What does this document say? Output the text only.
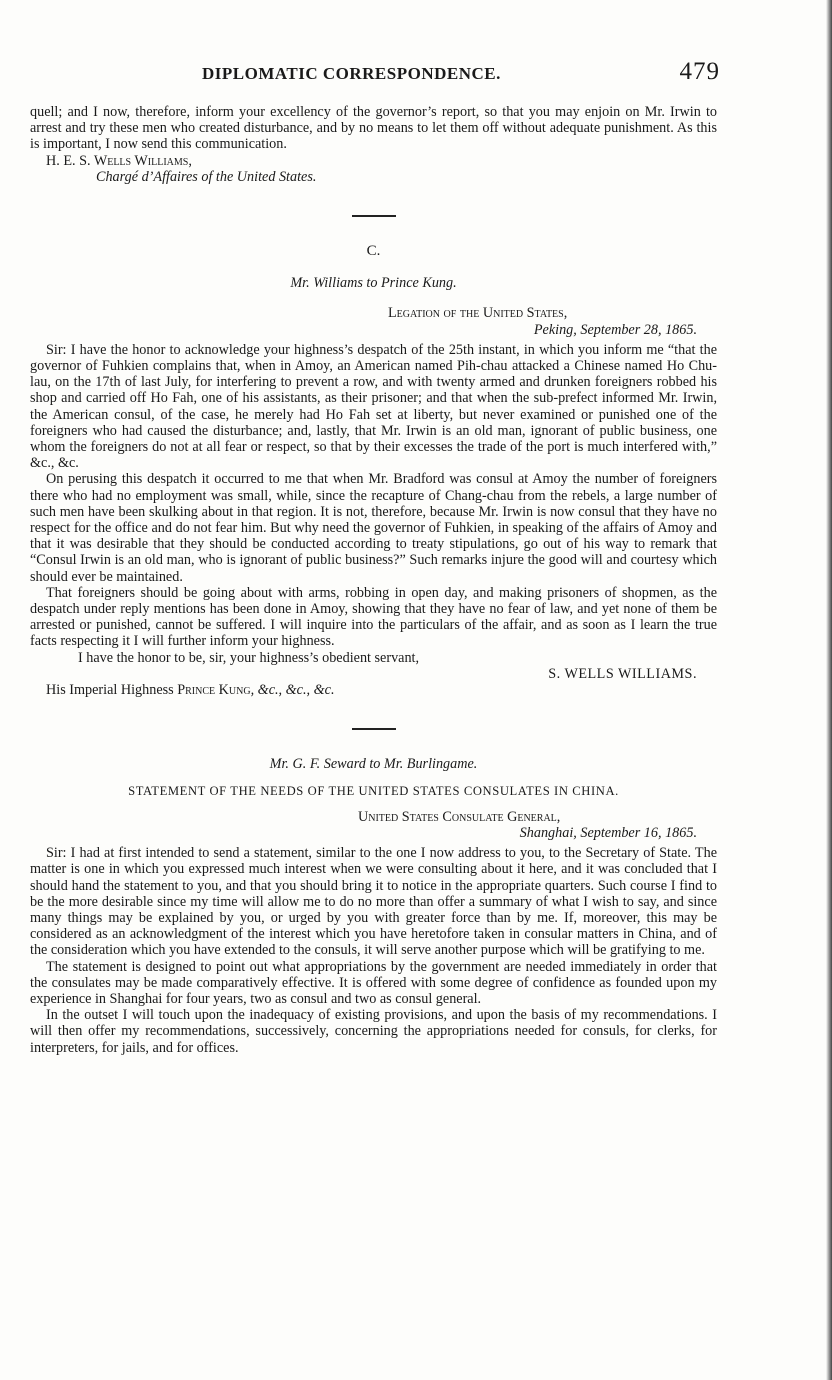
DIPLOMATIC CORRESPONDENCE.	479

quell; and I now, therefore, inform your excellency of the governor’s report, so that you may enjoin on Mr. Irwin to arrest and try these men who created disturbance, and by no means to let them off without adequate punishment. As this is important, I now send this communication.

H. E. S. Wells Williams,

Chargé d’Affaires of the United States.

C.

Mr. Williams to Prince Kung.

Legation of the United States,

Peking, September 28, 1865.

Sir: I have the honor to acknowledge your highness’s despatch of the 25th instant, in which you inform me “that the governor of Fuhkien complains that, when in Amoy, an American named Pih-chau attacked a Chinese named Ho Chu-lau, on the 17th of last July, for interfering to prevent a row, and with twenty armed and drunken foreigners robbed his shop and carried off Ho Fah, one of his assistants, as their prisoner; and that when the sub-prefect informed Mr. Irwin, the American consul, of the case, he merely had Ho Fah set at liberty, but never examined or punished one of the foreigners who had caused the disturbance; and, lastly, that Mr. Irwin is an old man, ignorant of public business, one whom the foreigners do not at all fear or respect, so that by their excesses the trade of the port is much interfered with,” &c., &c.

On perusing this despatch it occurred to me that when Mr. Bradford was consul at Amoy the number of foreigners there who had no employment was small, while, since the recapture of Chang-chau from the rebels, a large number of such men have been skulking about in that region. It is not, therefore, because Mr. Irwin is now consul that they have no respect for the office and do not fear him. But why need the governor of Fuhkien, in speaking of the affairs of Amoy and that it was desirable that they should be conducted according to treaty stipulations, go out of his way to remark that “Consul Irwin is an old man, who is ignorant of public business?” Such remarks injure the good will and courtesy which should ever be maintained.

That foreigners should be going about with arms, robbing in open day, and making prisoners of shopmen, as the despatch under reply mentions has been done in Amoy, showing that they have no fear of law, and yet none of them be arrested or punished, cannot be suffered. I will inquire into the particulars of the affair, and as soon as I learn the true facts respecting it I will further inform your highness.

I have the honor to be, sir, your highness’s obedient servant,

S. WELLS WILLIAMS.

His Imperial Highness Prince Kung, &c., &c., &c.

Mr. G. F. Seward to Mr. Burlingame.

STATEMENT OF THE NEEDS OF THE UNITED STATES CONSULATES IN CHINA.

United States Consulate General,

Shanghai, September 16, 1865.

Sir: I had at first intended to send a statement, similar to the one I now address to you, to the Secretary of State. The matter is one in which you expressed much interest when we were consulting about it here, and it was concluded that I should hand the statement to you, and that you should bring it to notice in the appropriate quarters. Such course I find to be the more desirable since my time will allow me to do no more than offer a summary of what I wish to say, and since many things may be explained by you, or urged by you with greater force than by me. If, moreover, this may be considered as an acknowledgment of the interest which you have heretofore taken in consular matters in China, and of the consideration which you have extended to the consuls, it will serve another purpose which will be gratifying to me.

The statement is designed to point out what appropriations by the government are needed immediately in order that the consulates may be made comparatively effective. It is offered with some degree of confidence as founded upon my experience in Shanghai for four years, two as consul and two as consul general.

In the outset I will touch upon the inadequacy of existing provisions, and upon the basis of my recommendations. I will then offer my recommendations, successively, concerning the appropriations needed for consuls, for clerks, for interpreters, for jails, and for offices.
